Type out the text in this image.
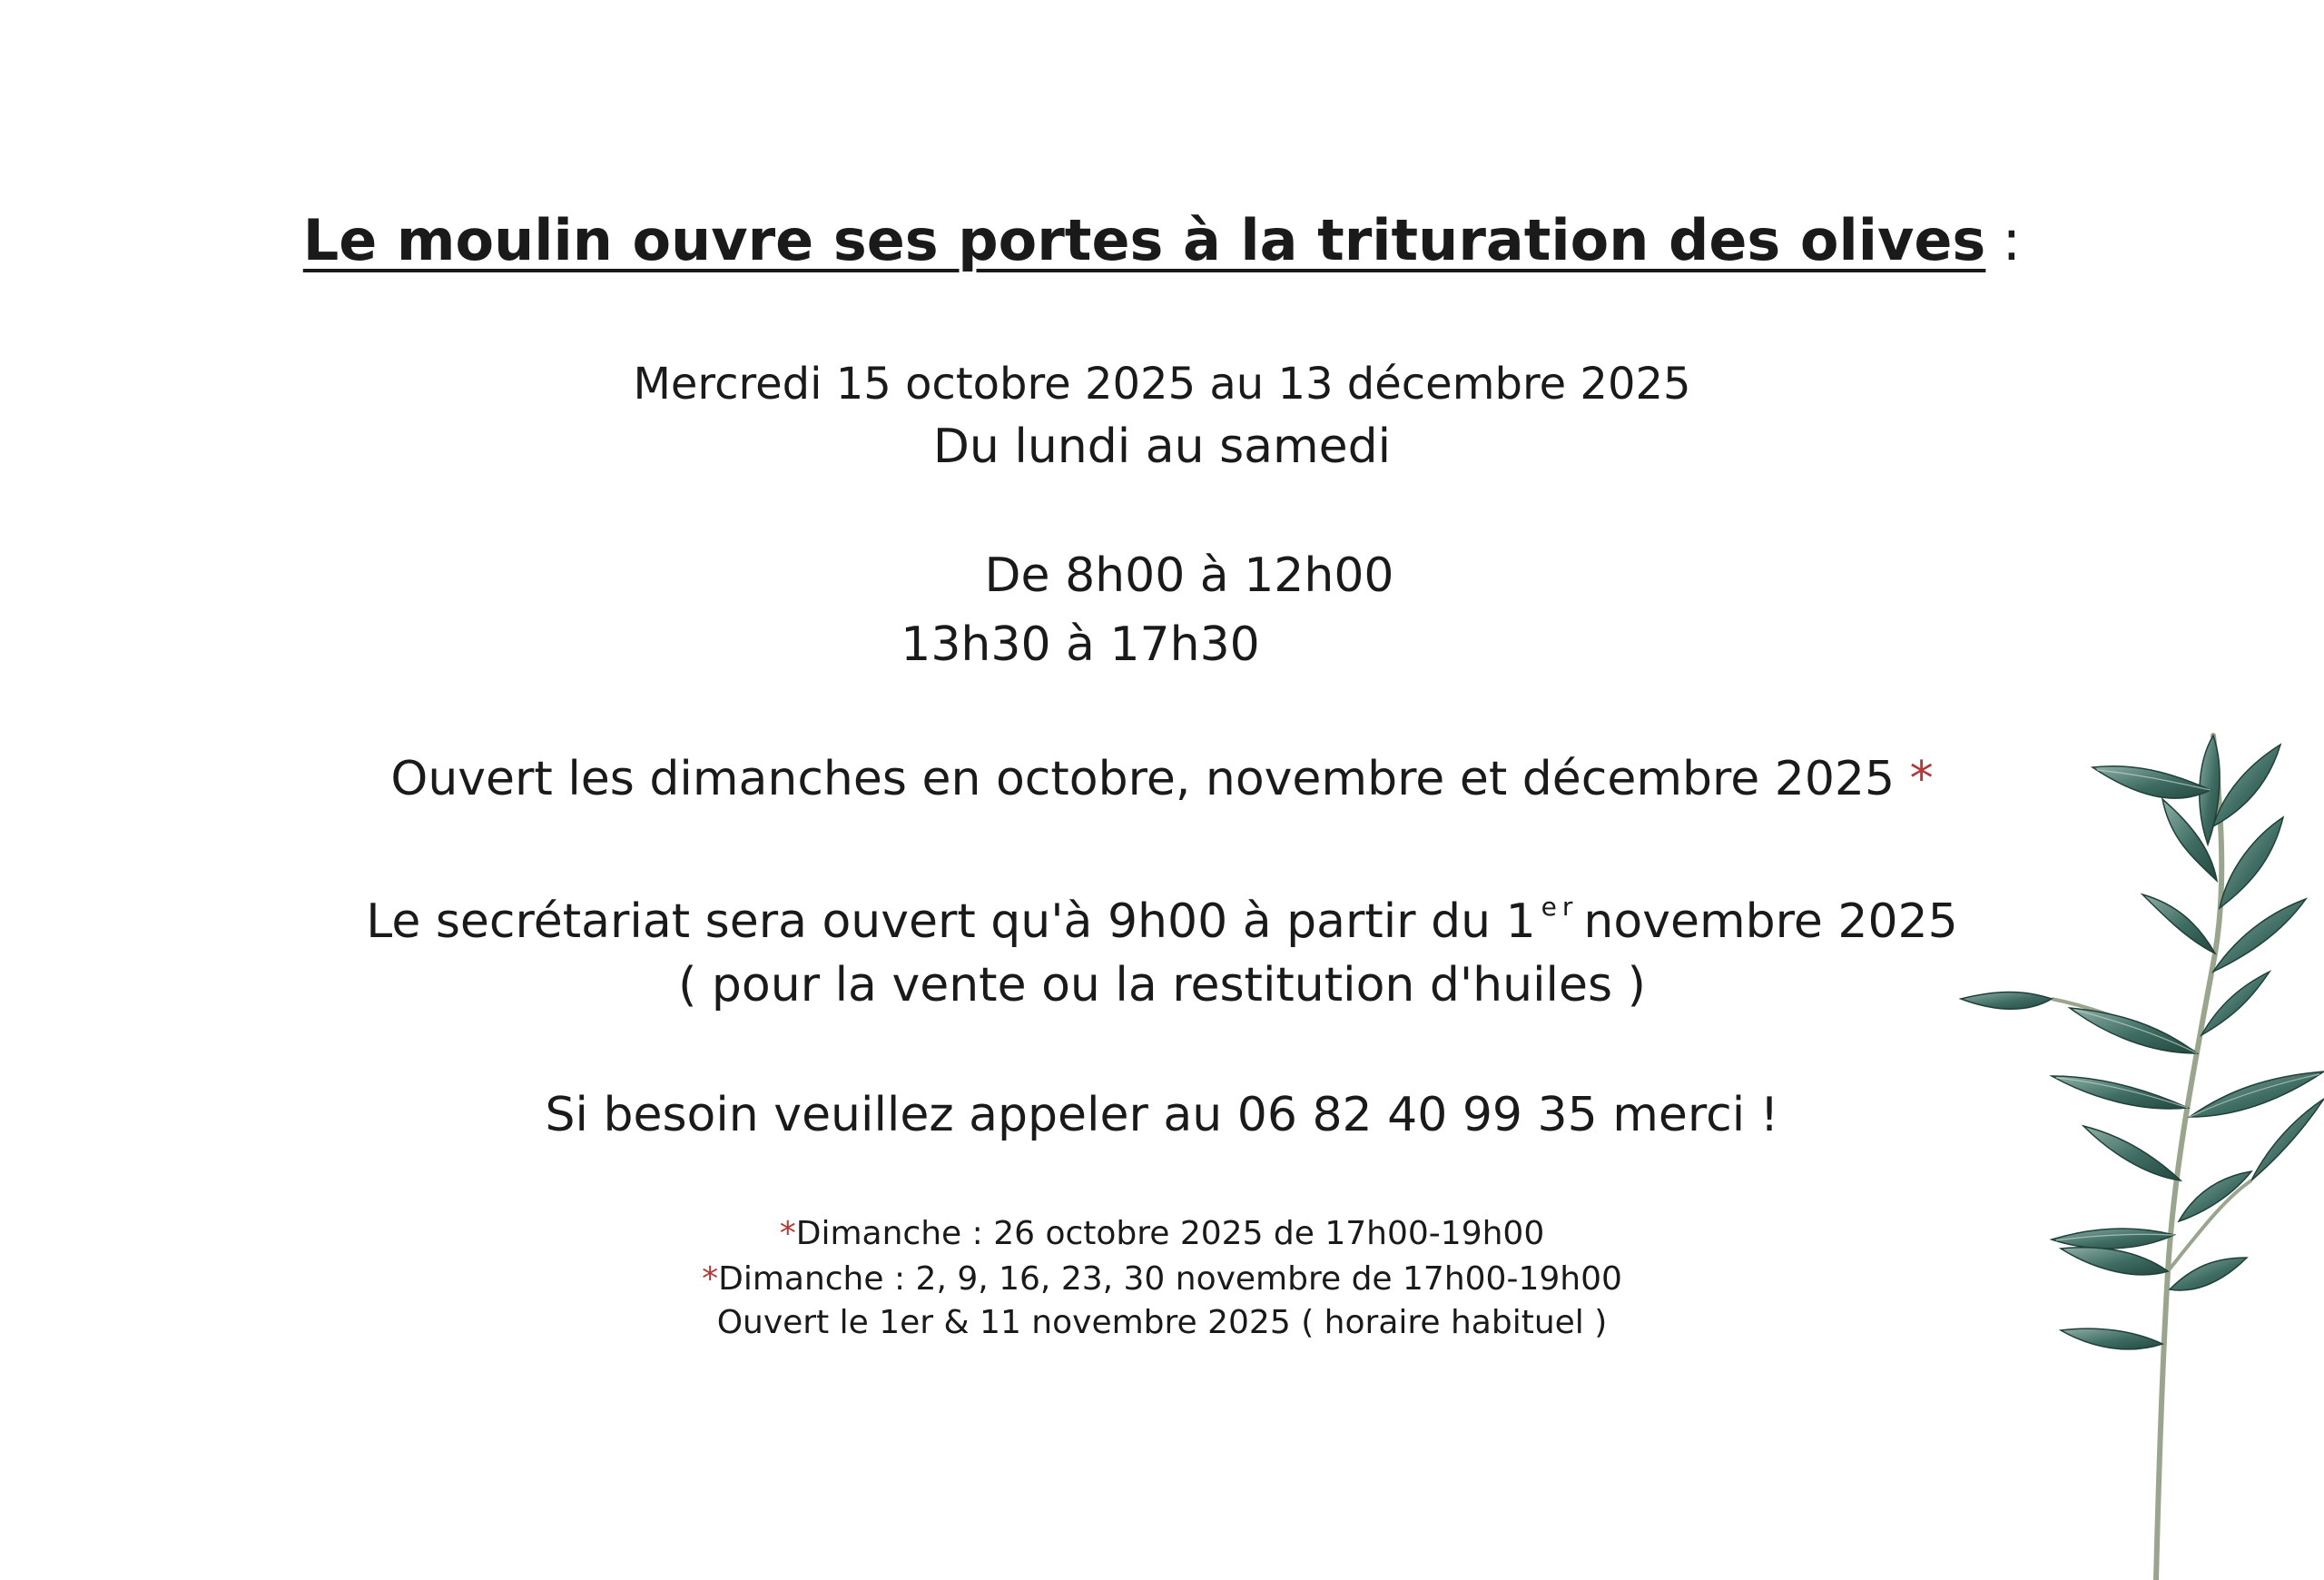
Le moulin ouvre ses portes à la trituration des olives :
Mercredi 15 octobre 2025 au 13 décembre 2025
Du lundi au samedi
De 8h00 à 12h00
13h30 à 17h30
Ouvert les dimanches en octobre, novembre et décembre 2025 *
Le secrétariat sera ouvert qu'à 9h00 à partir du 1 $^{er}$ novembre 2025
( pour la vente ou la restitution d'huiles )
Si besoin veuillez appeler au 06 82 40 99 35 merci !
*Dimanche : 26 octobre 2025 de 17h00-19h00
*Dimanche : 2, 9, 16, 23, 30 novembre de 17h00-19h00
Ouvert le 1er & 11 novembre 2025 ( horaire habituel )
